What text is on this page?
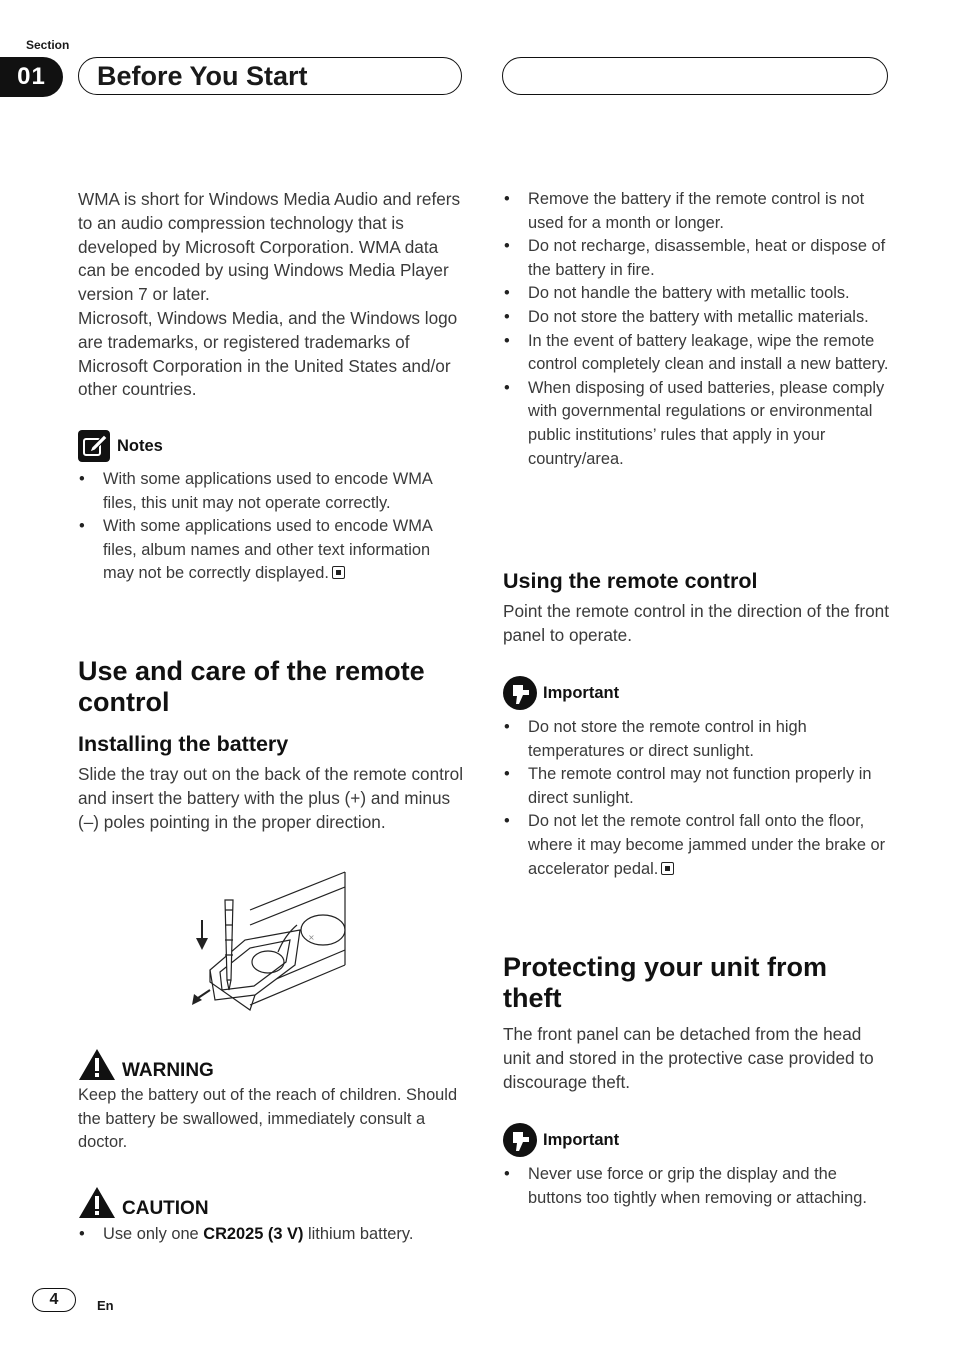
Section
01	Before You Start

WMA is short for Windows Media Audio and refers to an audio compression technology that is developed by Microsoft Corporation. WMA data can be encoded by using Windows Media Player version 7 or later.

Microsoft, Windows Media, and the Windows logo are trademarks, or registered trademarks of Microsoft Corporation in the United States and/or other countries.

Notes
• With some applications used to encode WMA files, this unit may not operate correctly.
• With some applications used to encode WMA files, album names and other text information may not be correctly displayed.
Use and care of the remote control
Installing the battery

Slide the tray out on the back of the remote control and insert the battery with the plus (+) and minus (–) poles pointing in the proper direction.

×
WARNING

Keep the battery out of the reach of children. Should the battery be swallowed, immediately consult a doctor.

CAUTION
• Use only one CR2025 (3 V) lithium battery.
• Remove the battery if the remote control is not used for a month or longer.
• Do not recharge, disassemble, heat or dispose of the battery in fire.
• Do not handle the battery with metallic tools.
• Do not store the battery with metallic materials.
• In the event of battery leakage, wipe the remote control completely clean and install a new battery.
• When disposing of used batteries, please comply with governmental regulations or environmental public institutions’ rules that apply in your country/area.
Using the remote control

Point the remote control in the direction of the front panel to operate.

Important
• Do not store the remote control in high temperatures or direct sunlight.
• The remote control may not function properly in direct sunlight.
• Do not let the remote control fall onto the floor, where it may become jammed under the brake or accelerator pedal.
Protecting your unit from theft

The front panel can be detached from the head unit and stored in the protective case provided to discourage theft.

Important
• Never use force or grip the display and the buttons too tightly when removing or attaching.
4	En
